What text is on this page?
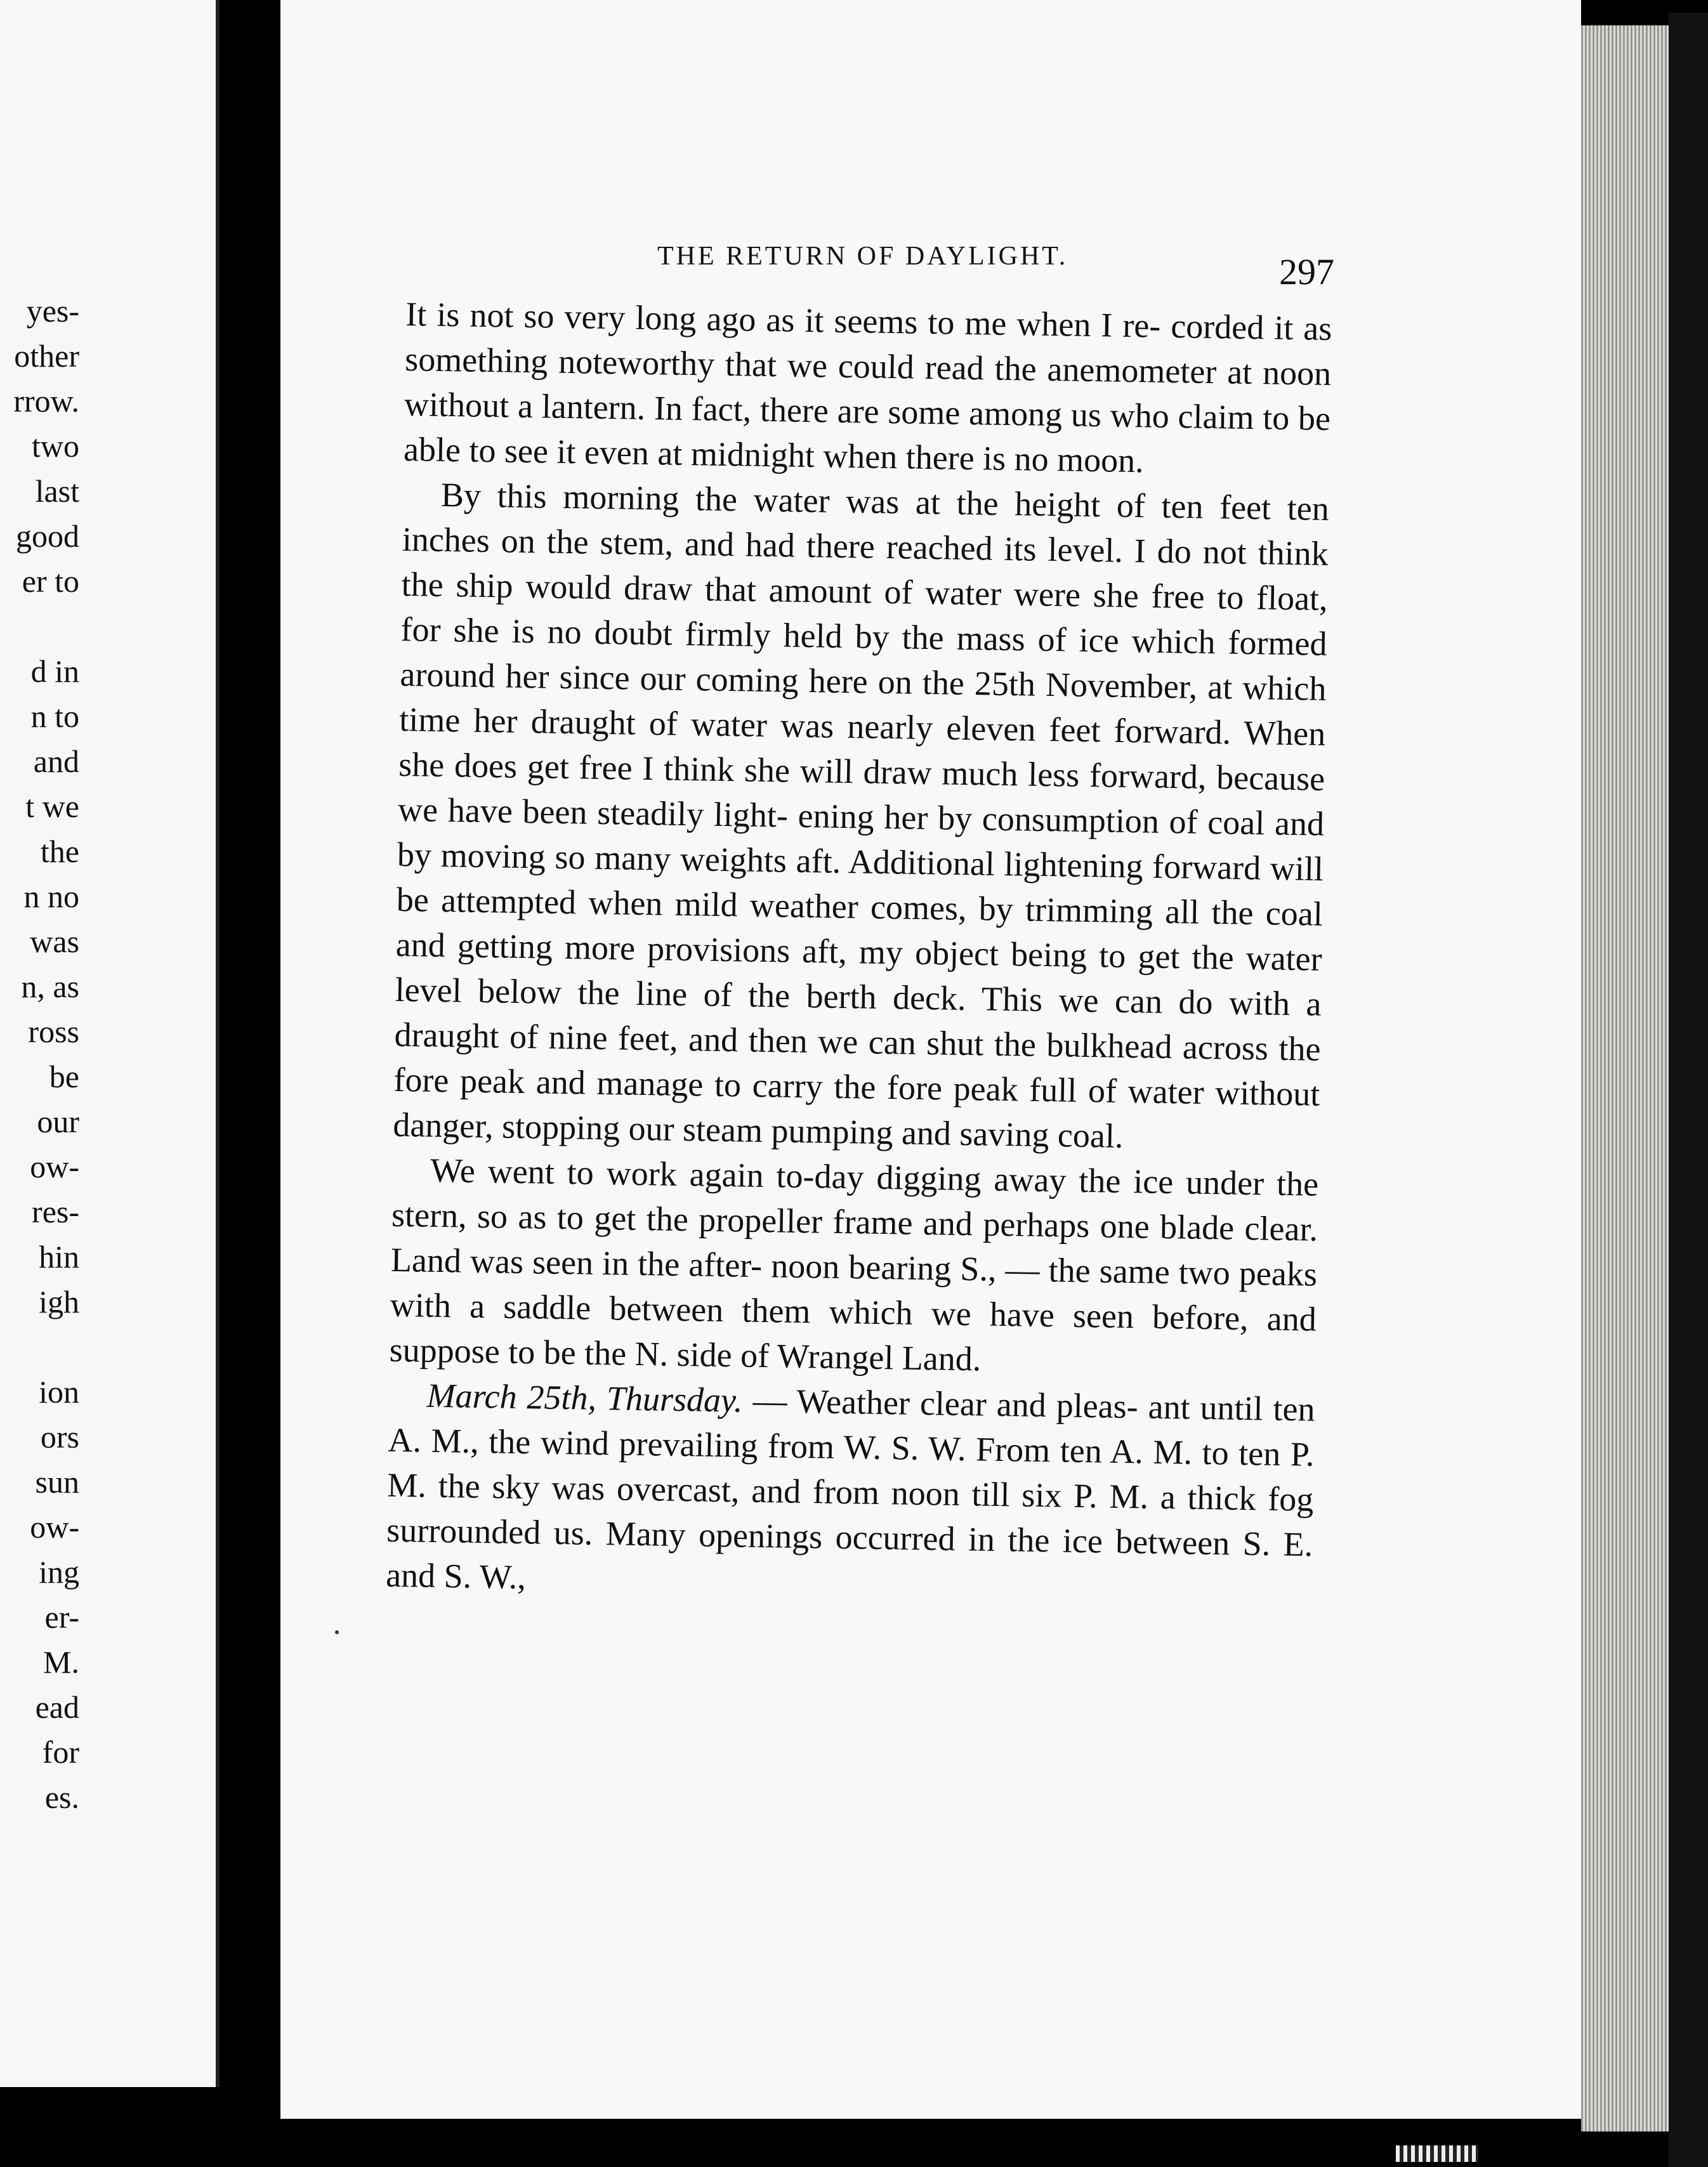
yes-
other
rrow.
two
last
good
er to
d in
n to
and
t we
the
n no
was
n, as
ross
be
our
ow-
res-
hin
igh
ion
ors
sun
ow-
ing
er-
M.
ead
for
es.
THE RETURN OF DAYLIGHT.	297

It is not so very long ago as it seems to me when I re- corded it as something noteworthy that we could read the anemometer at noon without a lantern. In fact, there are some among us who claim to be able to see it even at midnight when there is no moon.

By this morning the water was at the height of ten feet ten inches on the stem, and had there reached its level. I do not think the ship would draw that amount of water were she free to float, for she is no doubt firmly held by the mass of ice which formed around her since our coming here on the 25th November, at which time her draught of water was nearly eleven feet forward. When she does get free I think she will draw much less forward, because we have been steadily light- ening her by consumption of coal and by moving so many weights aft. Additional lightening forward will be attempted when mild weather comes, by trimming all the coal and getting more provisions aft, my object being to get the water level below the line of the berth deck. This we can do with a draught of nine feet, and then we can shut the bulkhead across the fore peak and manage to carry the fore peak full of water without danger, stopping our steam pumping and saving coal.

We went to work again to-day digging away the ice under the stern, so as to get the propeller frame and perhaps one blade clear. Land was seen in the after- noon bearing S., — the same two peaks with a saddle between them which we have seen before, and suppose to be the N. side of Wrangel Land.

March 25th, Thursday. — Weather clear and pleas- ant until ten A. M., the wind prevailing from W. S. W. From ten A. M. to ten P. M. the sky was overcast, and from noon till six P. M. a thick fog surrounded us. Many openings occurred in the ice between S. E. and S. W.,
